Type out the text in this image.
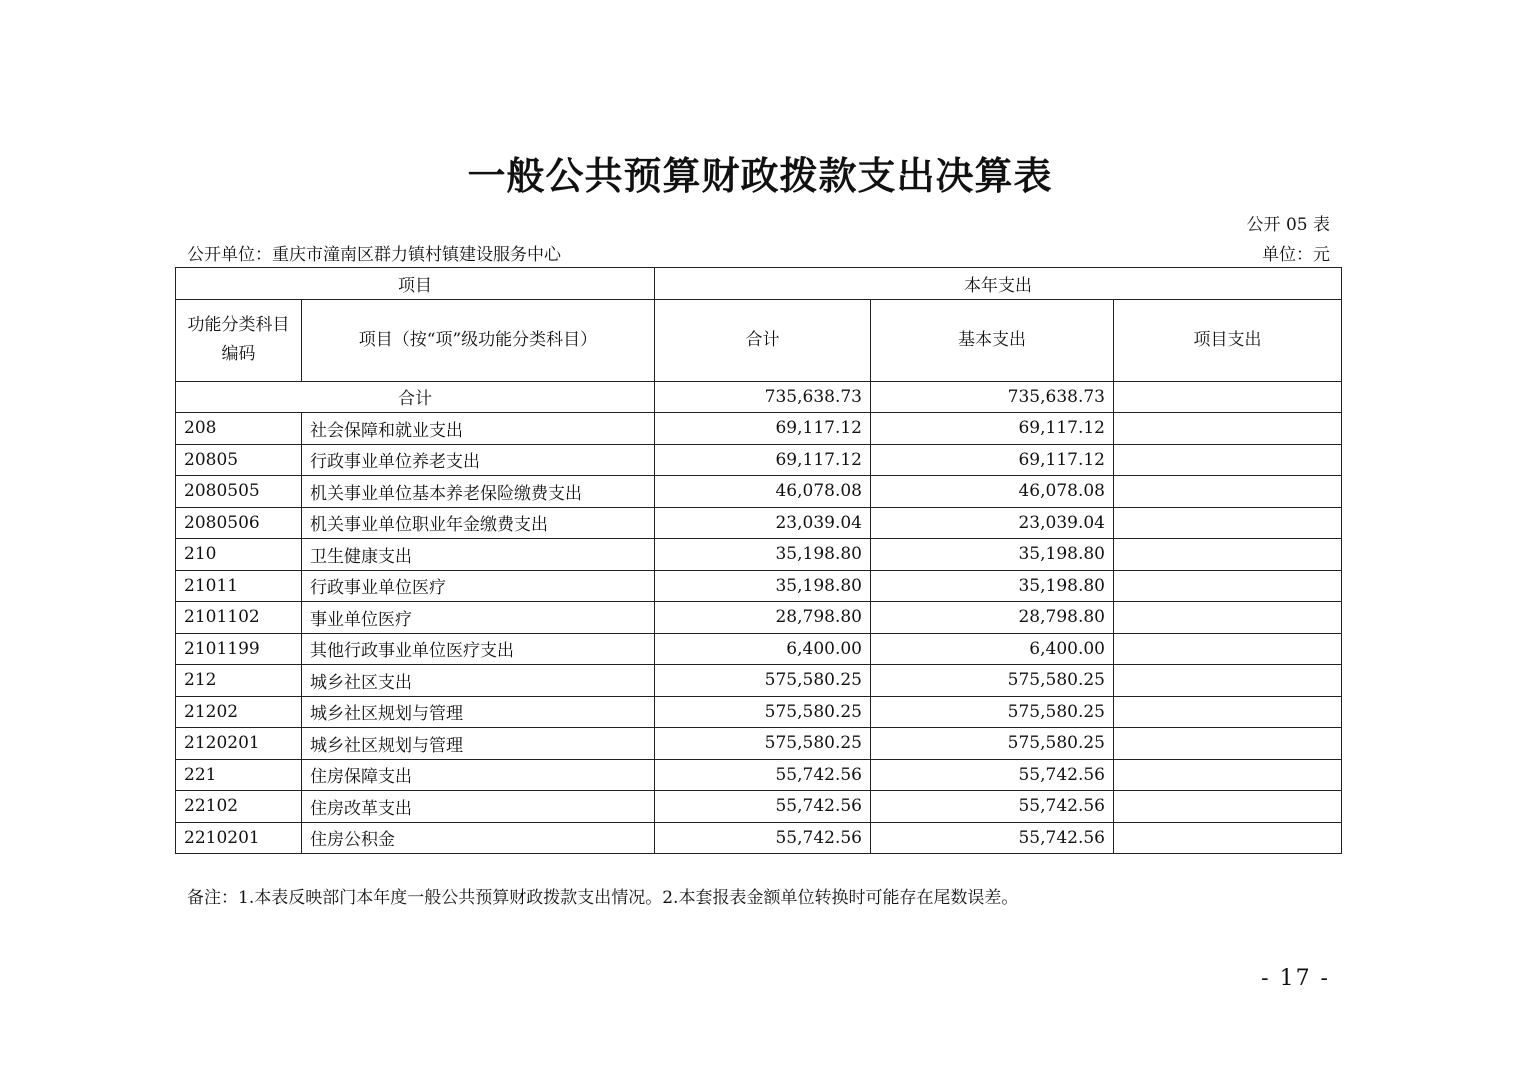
一般公共预算财政拨款支出决算表
公开 05 表
公开单位：重庆市潼南区群力镇村镇建设服务中心	单位：元
项目		本年支出		
功能分类科目编码	项目（按“项”级功能分类科目）	合计	基本支出	项目支出
合计		735,638.73	735,638.73	
208	社会保障和就业支出	69,117.12	69,117.12	
20805	行政事业单位养老支出	69,117.12	69,117.12	
2080505	机关事业单位基本养老保险缴费支出	46,078.08	46,078.08	
2080506	机关事业单位职业年金缴费支出	23,039.04	23,039.04	
210	卫生健康支出	35,198.80	35,198.80	
21011	行政事业单位医疗	35,198.80	35,198.80	
2101102	事业单位医疗	28,798.80	28,798.80	
2101199	其他行政事业单位医疗支出	6,400.00	6,400.00	
212	城乡社区支出	575,580.25	575,580.25	
21202	城乡社区规划与管理	575,580.25	575,580.25	
2120201	城乡社区规划与管理	575,580.25	575,580.25	
221	住房保障支出	55,742.56	55,742.56	
22102	住房改革支出	55,742.56	55,742.56	
2210201	住房公积金	55,742.56	55,742.56	
备注：1.本表反映部门本年度一般公共预算财政拨款支出情况。2.本套报表金额单位转换时可能存在尾数误差。
- 17 -
